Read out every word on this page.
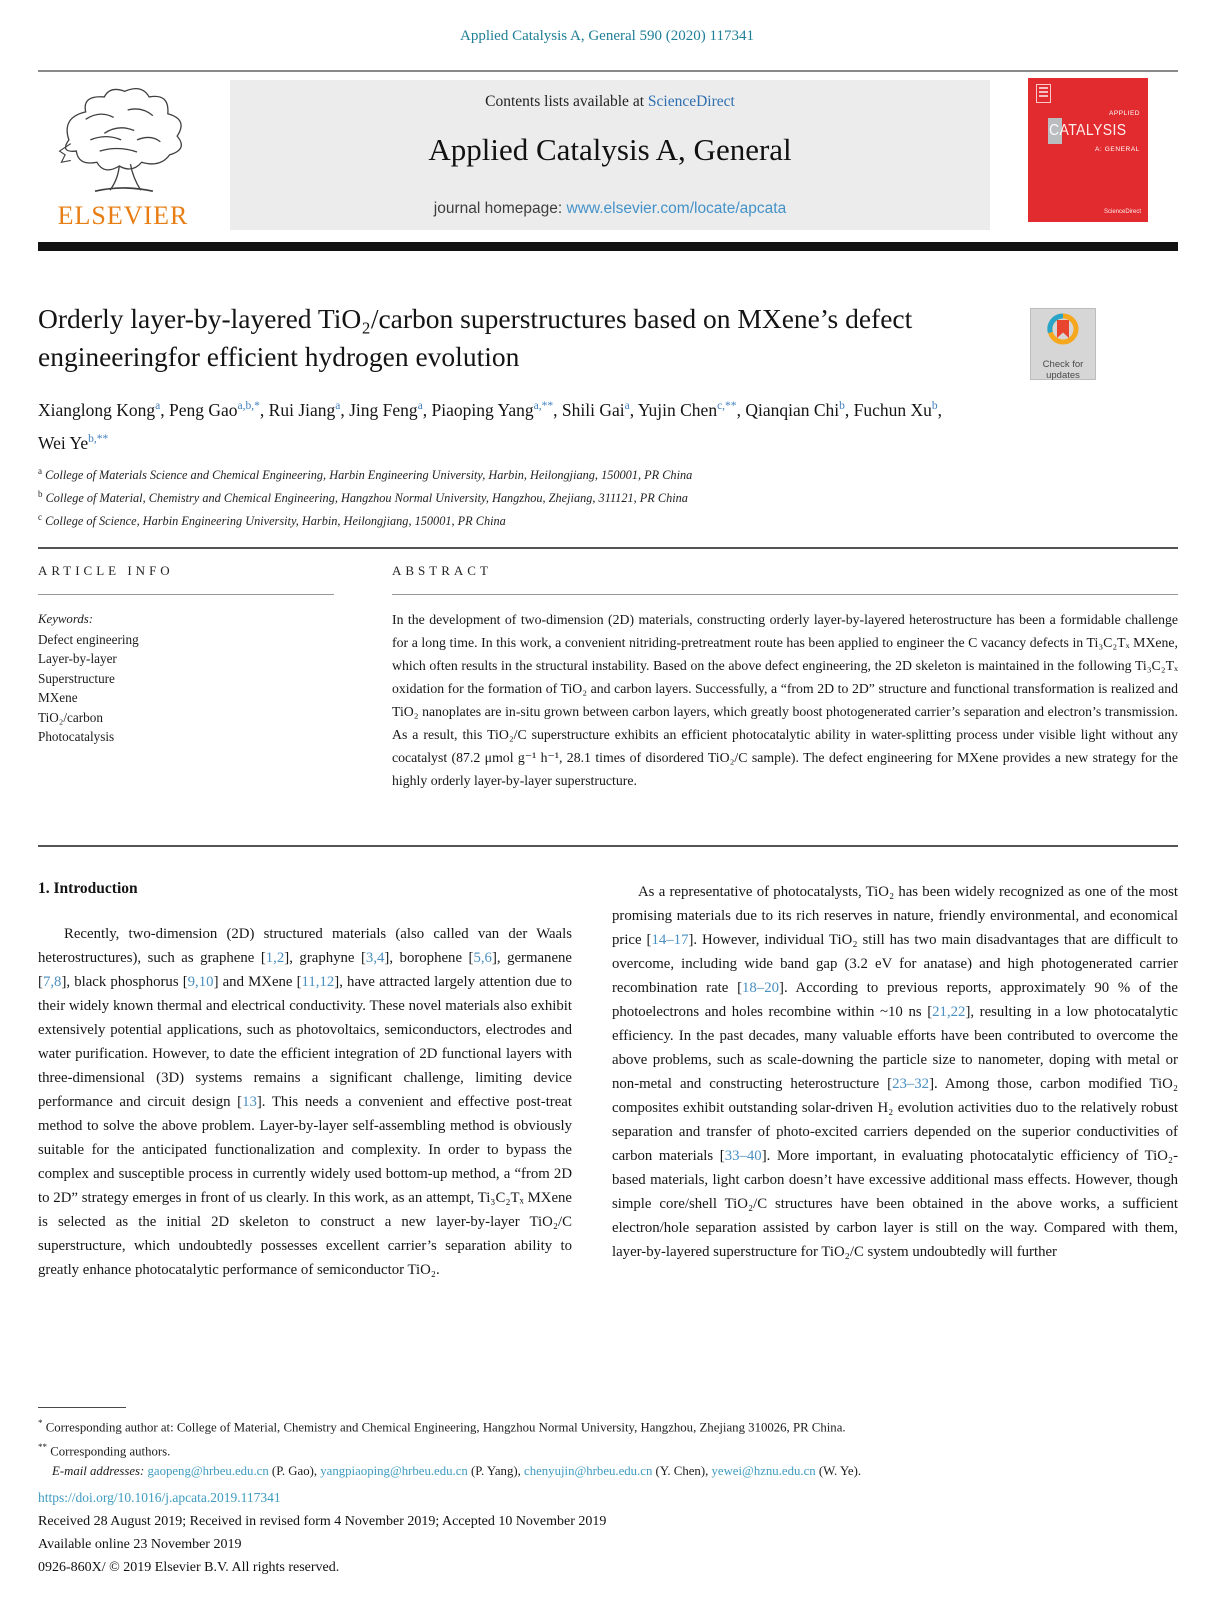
Applied Catalysis A, General 590 (2020) 117341
ELSEVIER
Contents lists available at ScienceDirect
Applied Catalysis A, General
journal homepage: www.elsevier.com/locate/apcata
APPLIED
CATALYSIS
A: GENERAL
ScienceDirect
Orderly layer-by-layered TiO₂/carbon superstructures based on MXene’s defect engineeringfor efficient hydrogen evolution	Check for
updates
Xianglong Kong$^a$, Peng Gao$^{a,b,*}$, Rui Jiang$^a$, Jing Feng$^a$, Piaoping Yang$^{a,**}$, Shili Gai$^a$, Yujin Chen$^{c,**}$, Qianqian Chi$^b$, Fuchun Xu$^b$, Wei $Ye^{b,**}$
$^a$ College of Materials Science and Chemical Engineering, Harbin Engineering University, Harbin, Heilongjiang, 150001, PR China
$^b$ College of Material, Chemistry and Chemical Engineering, Hangzhou Normal University, Hangzhou, Zhejiang, 311121, PR China
$^c$ College of Science, Harbin Engineering University, Harbin, Heilongjiang, 150001, PR China
ARTICLE INFO	ABSTRACT
Keywords:
Defect engineering
Layer-by-layer
Superstructure
MXene
TiO₂/carbon
Photocatalysis
In the development of two-dimension (2D) materials, constructing orderly layer-by-layered heterostructure has been a formidable challenge for a long time. In this work, a convenient nitriding-pretreatment route has been applied to engineer the C vacancy defects in Ti₃C₂Tₓ MXene, which often results in the structural instability. Based on the above defect engineering, the 2D skeleton is maintained in the following Ti₃C₂Tₓ oxidation for the formation of TiO₂ and carbon layers. Successfully, a “from 2D to 2D” structure and functional transformation is realized and TiO₂ nanoplates are in-situ grown between carbon layers, which greatly boost photogenerated carrier’s separation and electron’s transmission. As a result, this TiO₂/C superstructure exhibits an efficient photocatalytic ability in water-splitting process under visible light without any cocatalyst (87.2 μmol g⁻¹ h⁻¹, 28.1 times of disordered TiO₂/C sample). The defect engineering for MXene provides a new strategy for the highly orderly layer-by-layer superstructure.

1. Introduction

Recently, two-dimension (2D) structured materials (also called van der Waals heterostructures), such as graphene [1,2], graphyne [3,4], borophene [5,6], germanene [7,8], black phosphorus [9,10] and MXene [11,12], have attracted largely attention due to their widely known thermal and electrical conductivity. These novel materials also exhibit extensively potential applications, such as photovoltaics, semiconductors, electrodes and water purification. However, to date the efficient integration of 2D functional layers with three-dimensional (3D) systems remains a significant challenge, limiting device performance and circuit design [13]. This needs a convenient and effective post-treat method to solve the above problem. Layer-by-layer self-assembling method is obviously suitable for the anticipated functionalization and complexity. In order to bypass the complex and susceptible process in currently widely used bottom-up method, a “from 2D to 2D” strategy emerges in front of us clearly. In this work, as an attempt, Ti₃C₂Tₓ MXene is selected as the initial 2D skeleton to construct a new layer-by-layer TiO₂/C superstructure, which undoubtedly possesses excellent carrier’s separation ability to greatly enhance photocatalytic performance of semiconductor TiO₂.

As a representative of photocatalysts, TiO₂ has been widely recognized as one of the most promising materials due to its rich reserves in nature, friendly environmental, and economical price [14–17]. However, individual TiO₂ still has two main disadvantages that are difficult to overcome, including wide band gap (3.2 eV for anatase) and high photogenerated carrier recombination rate [18–20]. According to previous reports, approximately 90 % of the photoelectrons and holes recombine within ~10 ns [21,22], resulting in a low photocatalytic efficiency. In the past decades, many valuable efforts have been contributed to overcome the above problems, such as scale-downing the particle size to nanometer, doping with metal or non-metal and constructing heterostructure [23–32]. Among those, carbon modified TiO₂ composites exhibit outstanding solar-driven H₂ evolution activities duo to the relatively robust separation and transfer of photo-excited carriers depended on the superior conductivities of carbon materials [33–40]. More important, in evaluating photocatalytic efficiency of TiO₂-based materials, light carbon doesn’t have excessive additional mass effects. However, though simple core/shell TiO₂/C structures have been obtained in the above works, a sufficient electron/hole separation assisted by carbon layer is still on the way. Compared with them, layer-by-layered superstructure for TiO₂/C system undoubtedly will further

* Corresponding author at: College of Material, Chemistry and Chemical Engineering, Hangzhou Normal University, Hangzhou, Zhejiang 310026, PR China.
** Corresponding authors.
E-mail addresses: gaopeng@hrbeu.edu.cn (P. Gao), yangpiaoping@hrbeu.edu.cn (P. Yang), chenyujin@hrbeu.edu.cn (Y. Chen), yewei@hznu.edu.cn (W. Ye).
https://doi.org/10.1016/j.apcata.2019.117341
Received 28 August 2019; Received in revised form 4 November 2019; Accepted 10 November 2019
Available online 23 November 2019
0926-860X/ © 2019 Elsevier B.V. All rights reserved.
